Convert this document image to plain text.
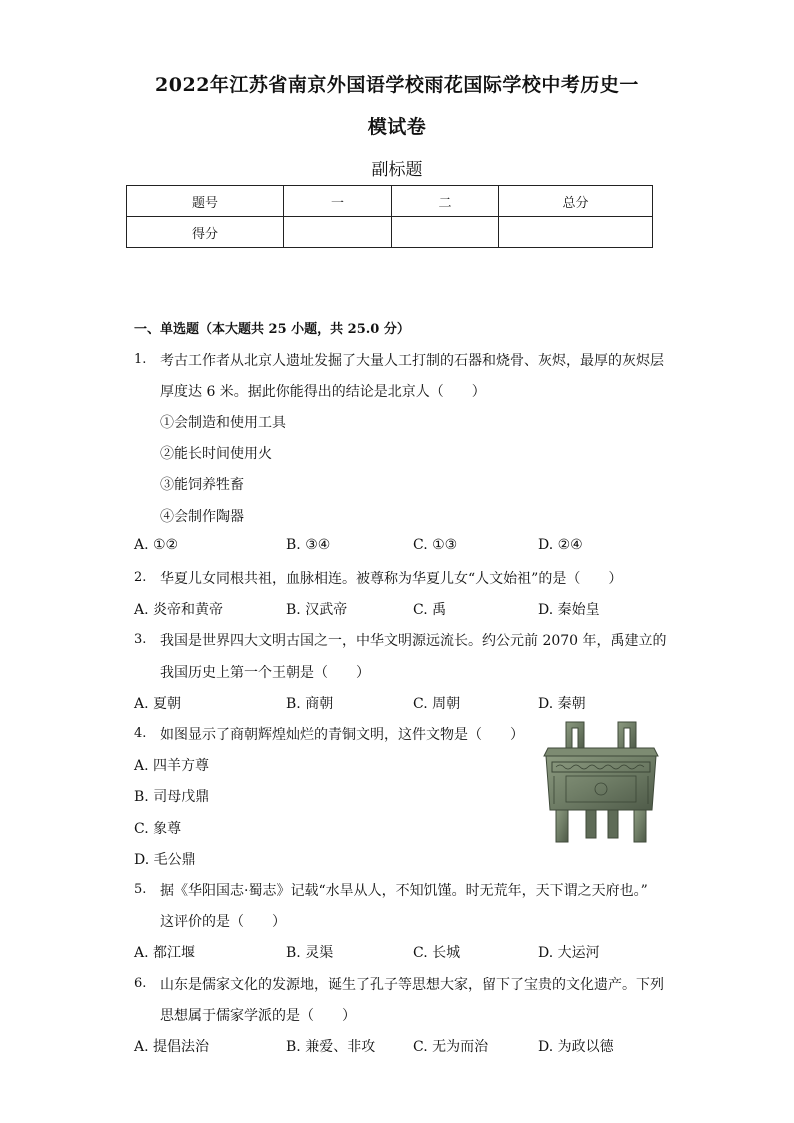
2022年江苏省南京外国语学校雨花国际学校中考历史一
模试卷
副标题
题号	一	二	总分
得分			
一、单选题（本大题共 25 小题，共 25.0 分）
1. 考古工作者从北京人遗址发掘了大量人工打制的石器和烧骨、灰烬，最厚的灰烬层
厚度达 6 米。据此你能得出的结论是北京人（　　）
①会制造和使用工具
②能长时间使用火
③能饲养牲畜
④会制作陶器
A. ①②	B. ③④	C. ①③	D. ②④
2. 华夏儿女同根共祖，血脉相连。被尊称为华夏儿女“人文始祖”的是（　　）
A. 炎帝和黄帝	B. 汉武帝	C. 禹	D. 秦始皇
3. 我国是世界四大文明古国之一，中华文明源远流长。约公元前 2070 年，禹建立的
我国历史上第一个王朝是（　　）
A. 夏朝	B. 商朝	C. 周朝	D. 秦朝
4. 如图显示了商朝辉煌灿烂的青铜文明，这件文物是（　　）
A. 四羊方尊
B. 司母戊鼎
C. 象尊
D. 毛公鼎
5. 据《华阳国志·蜀志》记载“水旱从人，不知饥馑。时无荒年，天下谓之天府也。”
这评价的是（　　）
A. 都江堰	B. 灵渠	C. 长城	D. 大运河
6. 山东是儒家文化的发源地，诞生了孔子等思想大家，留下了宝贵的文化遗产。下列
思想属于儒家学派的是（　　）
A. 提倡法治	B. 兼爱、非攻	C. 无为而治	D. 为政以德
